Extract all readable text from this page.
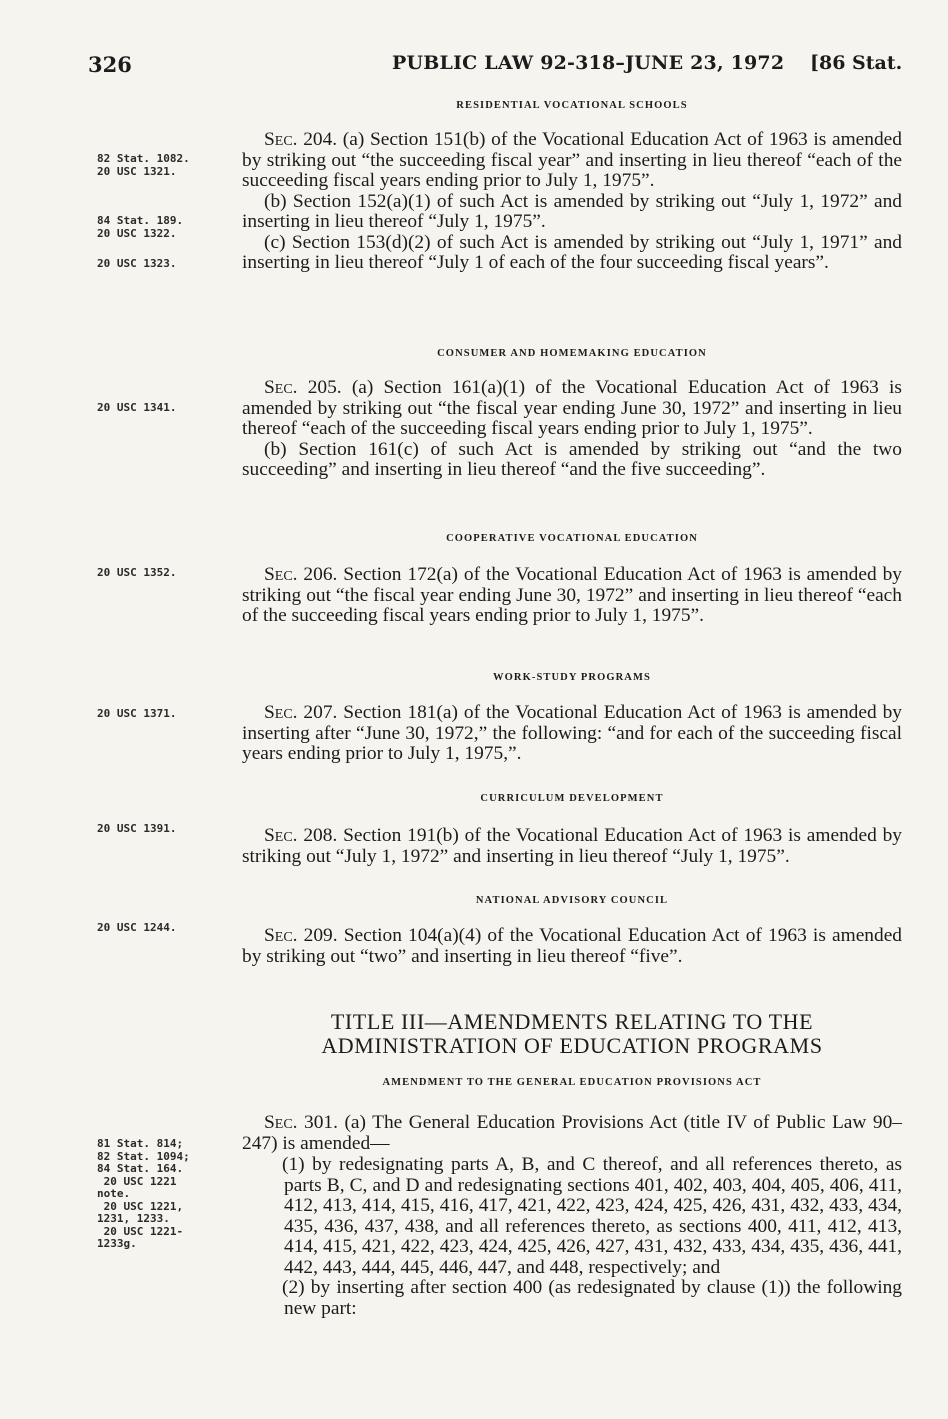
326	PUBLIC LAW 92-318–JUNE 23, 1972 [86 Stat.
RESIDENTIAL VOCATIONAL SCHOOLS
82 Stat. 1082.
20 USC 1321.
84 Stat. 189.
20 USC 1322.
20 USC 1323.

Sec. 204. (a) Section 151(b) of the Vocational Education Act of 1963 is amended by striking out “the succeeding fiscal year” and inserting in lieu thereof “each of the succeeding fiscal years ending prior to July 1, 1975”.

(b) Section 152(a)(1) of such Act is amended by striking out “July 1, 1972” and inserting in lieu thereof “July 1, 1975”.

(c) Section 153(d)(2) of such Act is amended by striking out “July 1, 1971” and inserting in lieu thereof “July 1 of each of the four succeeding fiscal years”.

CONSUMER AND HOMEMAKING EDUCATION
20 USC 1341.

Sec. 205. (a) Section 161(a)(1) of the Vocational Education Act of 1963 is amended by striking out “the fiscal year ending June 30, 1972” and inserting in lieu thereof “each of the succeeding fiscal years ending prior to July 1, 1975”.

(b) Section 161(c) of such Act is amended by striking out “and the two succeeding” and inserting in lieu thereof “and the five succeeding”.

COOPERATIVE VOCATIONAL EDUCATION
20 USC 1352.	Sec. 206. Section 172(a) of the Vocational Education Act of 1963 is amended by striking out “the fiscal year ending June 30, 1972” and inserting in lieu thereof “each of the succeeding fiscal years ending prior to July 1, 1975”.

WORK-STUDY PROGRAMS
20 USC 1371.	Sec. 207. Section 181(a) of the Vocational Education Act of 1963 is amended by inserting after “June 30, 1972,” the following: “and for each of the succeeding fiscal years ending prior to July 1, 1975,”.

CURRICULUM DEVELOPMENT
20 USC 1391.	Sec. 208. Section 191(b) of the Vocational Education Act of 1963 is amended by striking out “July 1, 1972” and inserting in lieu thereof “July 1, 1975”.

NATIONAL ADVISORY COUNCIL
20 USC 1244.	Sec. 209. Section 104(a)(4) of the Vocational Education Act of 1963 is amended by striking out “two” and inserting in lieu thereof “five”.

TITLE III—AMENDMENTS RELATING TO THE
ADMINISTRATION OF EDUCATION PROGRAMS
AMENDMENT TO THE GENERAL EDUCATION PROVISIONS ACT
81 Stat. 814;
82 Stat. 1094;
84 Stat. 164.
20 USC 1221
note.
20 USC 1221,
1231, 1233.
20 USC 1221-
1233g.

Sec. 301. (a) The General Education Provisions Act (title IV of Public Law 90–247) is amended—

(1) by redesignating parts A, B, and C thereof, and all references thereto, as parts B, C, and D and redesignating sections 401, 402, 403, 404, 405, 406, 411, 412, 413, 414, 415, 416, 417, 421, 422, 423, 424, 425, 426, 431, 432, 433, 434, 435, 436, 437, 438, and all references thereto, as sections 400, 411, 412, 413, 414, 415, 421, 422, 423, 424, 425, 426, 427, 431, 432, 433, 434, 435, 436, 441, 442, 443, 444, 445, 446, 447, and 448, respectively; and

(2) by inserting after section 400 (as redesignated by clause (1)) the following new part:
